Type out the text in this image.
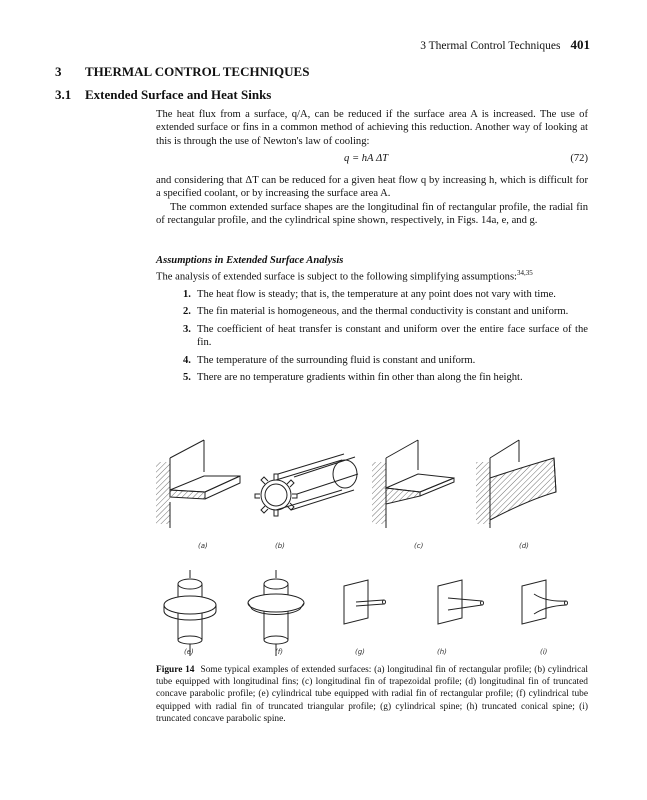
3 Thermal Control Techniques 401
3 THERMAL CONTROL TECHNIQUES
3.1 Extended Surface and Heat Sinks

The heat flux from a surface, q/A, can be reduced if the surface area A is increased. The use of extended surface or fins in a common method of achieving this reduction. Another way of looking at this is through the use of Newton's law of cooling:

q = hA ΔT	(72)

and considering that ΔT can be reduced for a given heat flow q by increasing h, which is difficult for a specified coolant, or by increasing the surface area A.

The common extended surface shapes are the longitudinal fin of rectangular profile, the radial fin of rectangular profile, and the cylindrical spine shown, respectively, in Figs. 14a, e, and g.

Assumptions in Extended Surface Analysis

The analysis of extended surface is subject to the following simplifying assumptions:$^{34,35}$

1. The heat flow is steady; that is, the temperature at any point does not vary with time.
2. The fin material is homogeneous, and the thermal conductivity is constant and uniform.
3. The coefficient of heat transfer is constant and uniform over the entire face surface of the fin.
4. The temperature of the surrounding fluid is constant and uniform.
5. There are no temperature gradients within fin other than along the fin height.
(a)	(b)	(c)	(d)
(e)	(f)	(g)	(h)	(i)
Figure 14 Some typical examples of extended surfaces: (a) longitudinal fin of rectangular profile; (b) cylindrical tube equipped with longitudinal fins; (c) longitudinal fin of trapezoidal profile; (d) longitudinal fin of truncated concave parabolic profile; (e) cylindrical tube equipped with radial fin of rectangular profile; (f) cylindrical tube equipped with radial fin of truncated triangular profile; (g) cylindrical spine; (h) truncated conical spine; (i) truncated concave parabolic spine.
